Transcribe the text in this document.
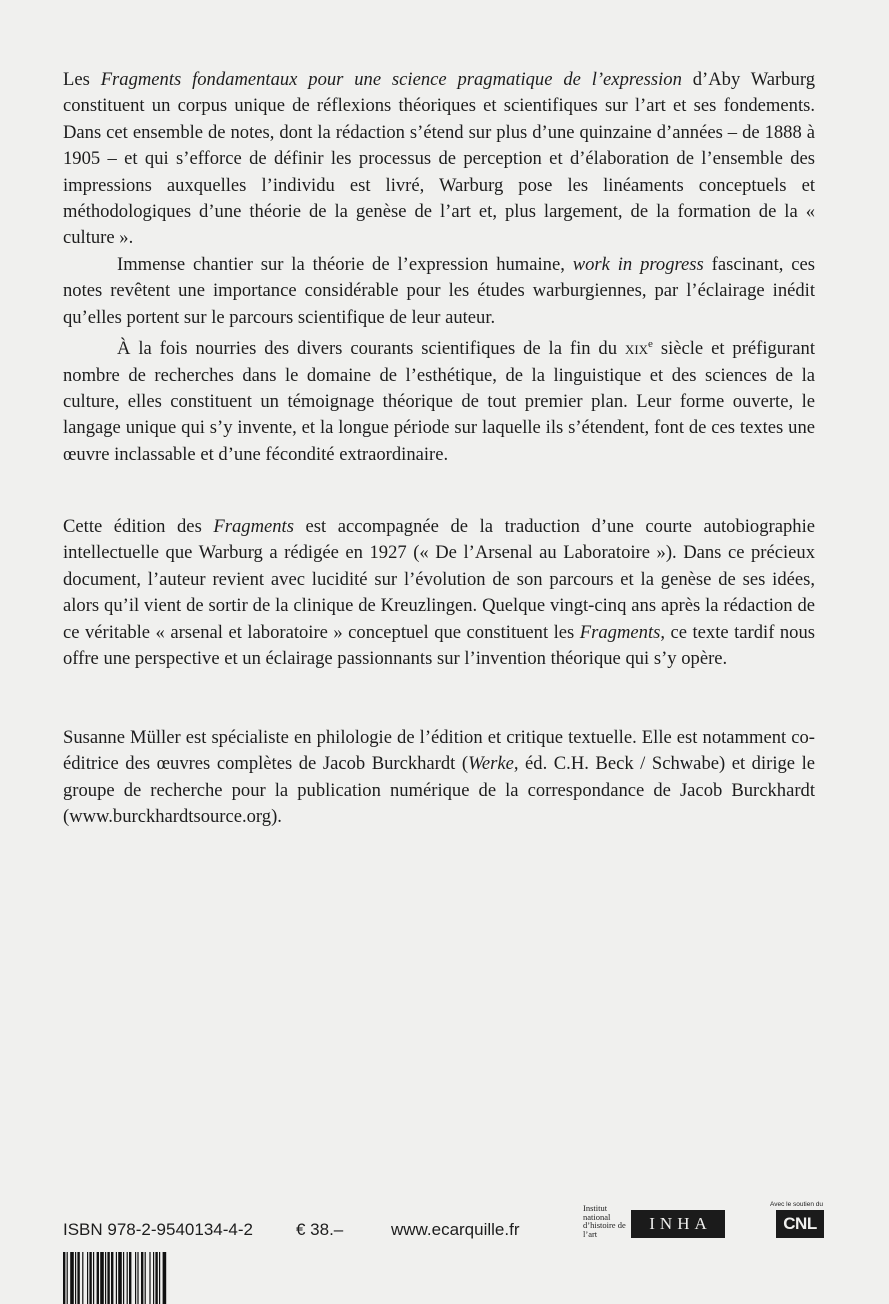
Les Fragments fondamentaux pour une science pragmatique de l’expression d’Aby Warburg constituent un corpus unique de réflexions théoriques et scientifiques sur l’art et ses fondements. Dans cet ensemble de notes, dont la rédaction s’étend sur plus d’une quinzaine d’années – de 1888 à 1905 – et qui s’efforce de définir les processus de perception et d’élaboration de l’ensemble des impressions auxquelles l’individu est livré, Warburg pose les linéaments conceptuels et méthodologiques d’une théorie de la genèse de l’art et, plus largement, de la formation de la « culture ».

Immense chantier sur la théorie de l’expression humaine, work in progress fascinant, ces notes revêtent une importance considérable pour les études warburgiennes, par l’éclairage inédit qu’elles portent sur le parcours scientifique de leur auteur.

À la fois nourries des divers courants scientifiques de la fin du xix$^e$ siècle et préfigurant nombre de recherches dans le domaine de l’esthétique, de la linguistique et des sciences de la culture, elles constituent un témoignage théorique de tout premier plan. Leur forme ouverte, le langage unique qui s’y invente, et la longue période sur laquelle ils s’étendent, font de ces textes une œuvre inclassable et d’une fécondité extraordinaire.

Cette édition des Fragments est accompagnée de la traduction d’une courte autobiographie intellectuelle que Warburg a rédigée en 1927 (« De l’Arsenal au Laboratoire »). Dans ce précieux document, l’auteur revient avec lucidité sur l’évolution de son parcours et la genèse de ses idées, alors qu’il vient de sortir de la clinique de Kreuzlingen. Quelque vingt-cinq ans après la rédaction de ce véritable « arsenal et laboratoire » conceptuel que constituent les Fragments, ce texte tardif nous offre une perspective et un éclairage passionnants sur l’invention théorique qui s’y opère.

Susanne Müller est spécialiste en philologie de l’édition et critique textuelle. Elle est notamment co-éditrice des œuvres complètes de Jacob Burckhardt (Werke, éd. C.H. Beck / Schwabe) et dirige le groupe de recherche pour la publication numérique de la correspondance de Jacob Burckhardt (www.burckhardtsource.org).

ISBN 978-2-9540134-4-2	€ 38.–	www.ecarquille.fr
Institut national d’histoire de l’art
INHA
Avec le soutien du
CNL
